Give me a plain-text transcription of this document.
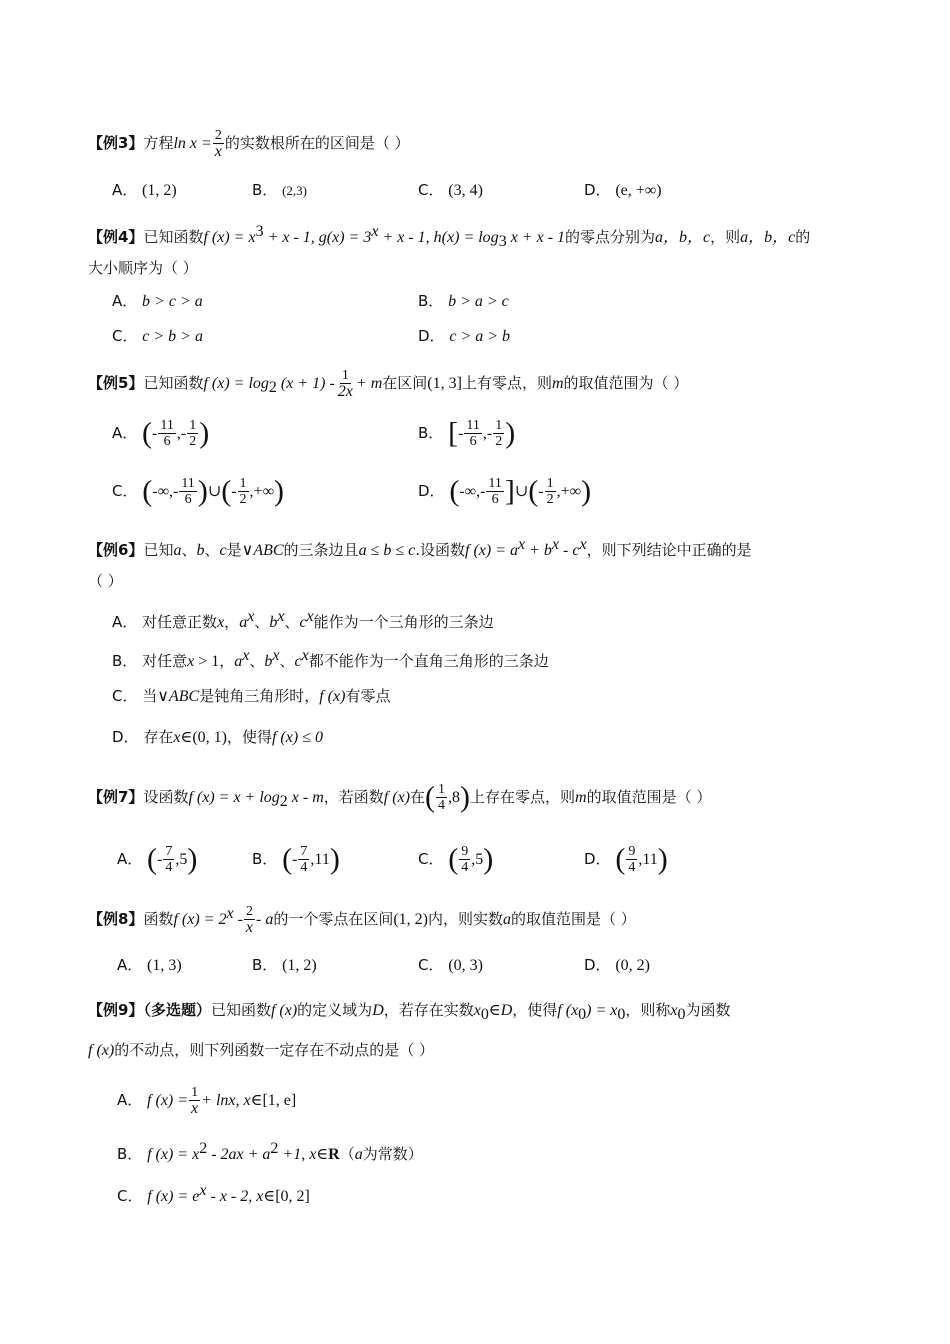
【例3】方程$\ln x = \frac{2}{x}$ 的实数根所在的区间是（ ）
A． (1, 2)	B． (2,3)	C． (3, 4)	D． (e, +∞)
【例4】已知函数f $(x) = x^3 + x - 1$, $g(x) = 3^x + x - 1$, $h(x) = \log_3 x + x - 1$的零点分别为a，b，c，则a，b，c的
大小顺序为（ ）
A． b > c > a	B． b > a > c
C． c > b > a	D． c > a > b
【例5】已知函数f $(x) = \log_2 (x + 1) - \frac{1}{2x} + m$在区间(1, 3]上有零点，则m的取值范围为（ ）
A． (- $\frac{11}{6}$ ,- $\frac{1}{2}$ )	B． [- $\frac{11}{6}$ ,- $\frac{1}{2}$ )
C． (-∞,- $\frac{11}{6}$ )∪(- $\frac{1}{2}$ ,+∞)	D． (-∞,- $\frac{11}{6}$ ]∪(- $\frac{1}{2}$ ,+∞)
【例6】已知a、b、c是∨ABC的三条边且a ≤ b ≤ c.设函数f $(x) = a^x + b^x - c^x$，则下列结论中正确的是
（ ）
A． 对任意正数x，$a^x$、$b^x$、$c^x$能作为一个三角形的三条边
B． 对任意x > 1，$a^x$、$b^x$、$c^x$都不能作为一个直角三角形的三条边
C． 当∨ABC是钝角三角形时，f (x)有零点
D． 存在x∈(0, 1)，使得f (x) ≤ 0
【例7】设函数f $(x) = x + \log_2 x - m$，若函数f (x)在( $\frac{1}{4} ,8$)上存在零点，则m的取值范围是（ ）
A． (- $\frac{7}{4} ,5$)	B． (- $\frac{7}{4} ,11$)	C． ( $\frac{9}{4} ,5$)	D． ( $\frac{9}{4} ,11$)
【例8】函数f $(x) = 2^x - \frac{2}{x} - a$的一个零点在区间(1, 2)内，则实数a的取值范围是（ ）
A． (1, 3)	B． (1, 2)	C． (0, 3)	D． (0, 2)
【例9】（多选题）已知函数f (x)的定义域为D，若存在实数$x_0\in D$，使得f $(x_0) = x_0$，则称$x_0$为函数
f (x)的不动点，则下列函数一定存在不动点的是（ ）
A． f $(x) = \frac{1}{x} + \ln x$, x∈[1, e]
B． f $(x) = x^2 - 2ax + a^2 +1$, x∈R（a为常数）
C． f $(x) = e^x - x - 2$, x∈[0, 2]
